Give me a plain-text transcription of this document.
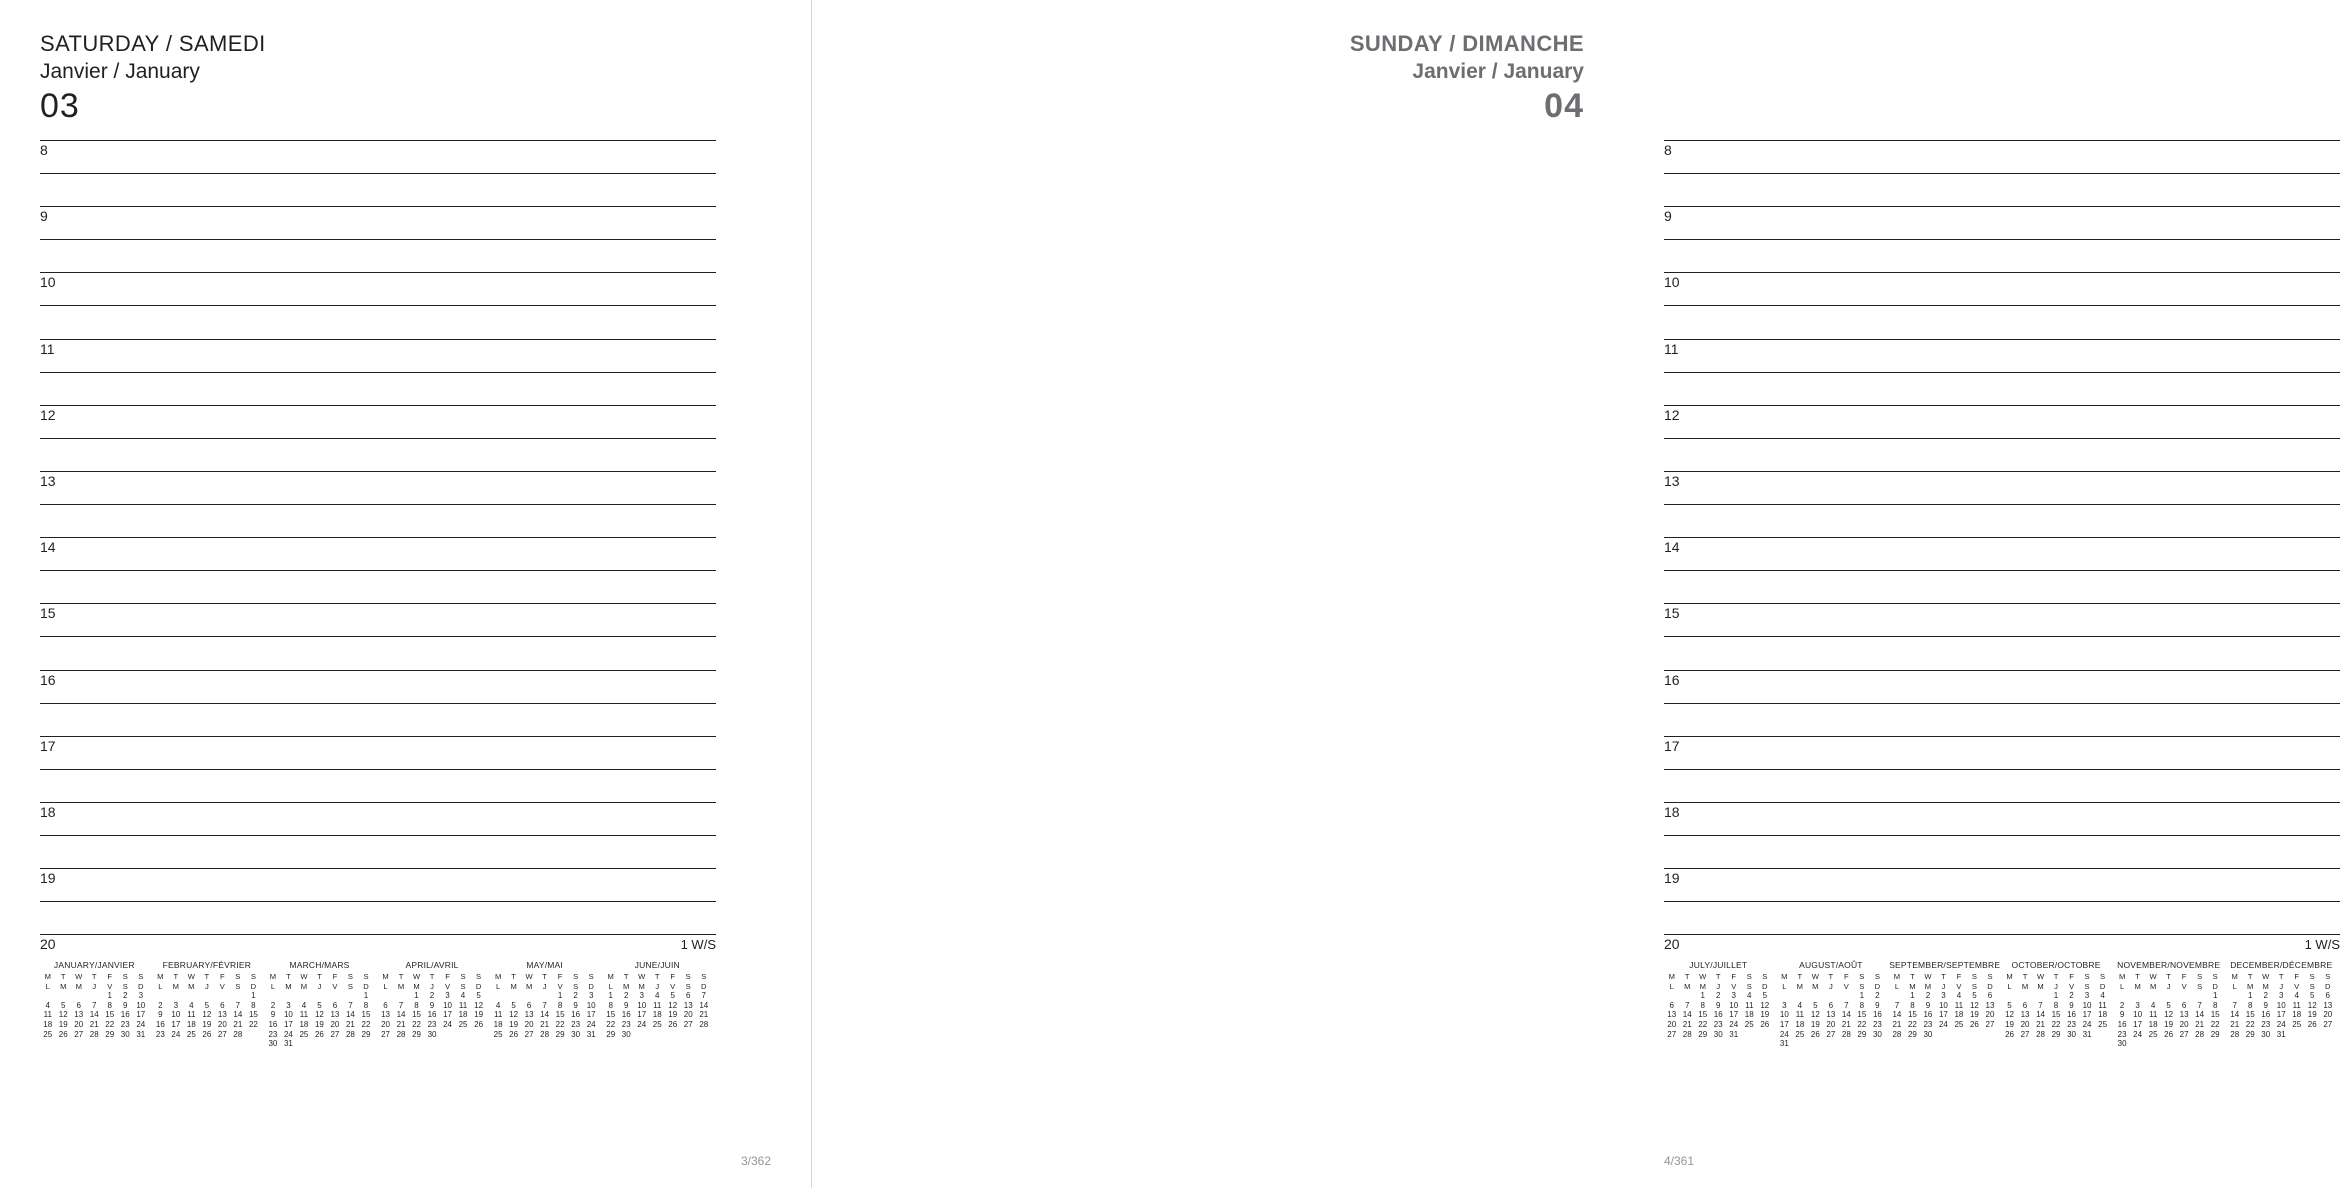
SATURDAY / SAMEDI
Janvier / January
03
8
9
10
11
12
13
14
15
16
17
18
19
20	1 W/S
JANUARY/JANVIER
M	T	W	T	F	S	S
L	M	M	J	V	S	D
				1	2	3
4	5	6	7	8	9	10
11	12	13	14	15	16	17
18	19	20	21	22	23	24
25	26	27	28	29	30	31
FEBRUARY/FÉVRIER
M	T	W	T	F	S	S
L	M	M	J	V	S	D
						1
2	3	4	5	6	7	8
9	10	11	12	13	14	15
16	17	18	19	20	21	22
23	24	25	26	27	28	
MARCH/MARS
M	T	W	T	F	S	S
L	M	M	J	V	S	D
						1
2	3	4	5	6	7	8
9	10	11	12	13	14	15
16	17	18	19	20	21	22
23	24	25	26	27	28	29
30	31					
APRIL/AVRIL
M	T	W	T	F	S	S
L	M	M	J	V	S	D
		1	2	3	4	5
6	7	8	9	10	11	12
13	14	15	16	17	18	19
20	21	22	23	24	25	26
27	28	29	30			
MAY/MAI
M	T	W	T	F	S	S
L	M	M	J	V	S	D
				1	2	3
4	5	6	7	8	9	10
11	12	13	14	15	16	17
18	19	20	21	22	23	24
25	26	27	28	29	30	31
JUNE/JUIN
M	T	W	T	F	S	S
L	M	M	J	V	S	D
1	2	3	4	5	6	7
8	9	10	11	12	13	14
15	16	17	18	19	20	21
22	23	24	25	26	27	28
29	30					
3/362
SUNDAY / DIMANCHE
Janvier / January
04
8
9
10
11
12
13
14
15
16
17
18
19
20	1 W/S
JULY/JUILLET
M	T	W	T	F	S	S
L	M	M	J	V	S	D
		1	2	3	4	5
6	7	8	9	10	11	12
13	14	15	16	17	18	19
20	21	22	23	24	25	26
27	28	29	30	31		
AUGUST/AOÛT
M	T	W	T	F	S	S
L	M	M	J	V	S	D
					1	2
3	4	5	6	7	8	9
10	11	12	13	14	15	16
17	18	19	20	21	22	23
24	25	26	27	28	29	30
31						
SEPTEMBER/SEPTEMBRE
M	T	W	T	F	S	S
L	M	M	J	V	S	D
	1	2	3	4	5	6
7	8	9	10	11	12	13
14	15	16	17	18	19	20
21	22	23	24	25	26	27
28	29	30				
OCTOBER/OCTOBRE
M	T	W	T	F	S	S
L	M	M	J	V	S	D
			1	2	3	4
5	6	7	8	9	10	11
12	13	14	15	16	17	18
19	20	21	22	23	24	25
26	27	28	29	30	31	
NOVEMBER/NOVEMBRE
M	T	W	T	F	S	S
L	M	M	J	V	S	D
						1
2	3	4	5	6	7	8
9	10	11	12	13	14	15
16	17	18	19	20	21	22
23	24	25	26	27	28	29
30						
DECEMBER/DÉCEMBRE
M	T	W	T	F	S	S
L	M	M	J	V	S	D
	1	2	3	4	5	6
7	8	9	10	11	12	13
14	15	16	17	18	19	20
21	22	23	24	25	26	27
28	29	30	31			
4/361
